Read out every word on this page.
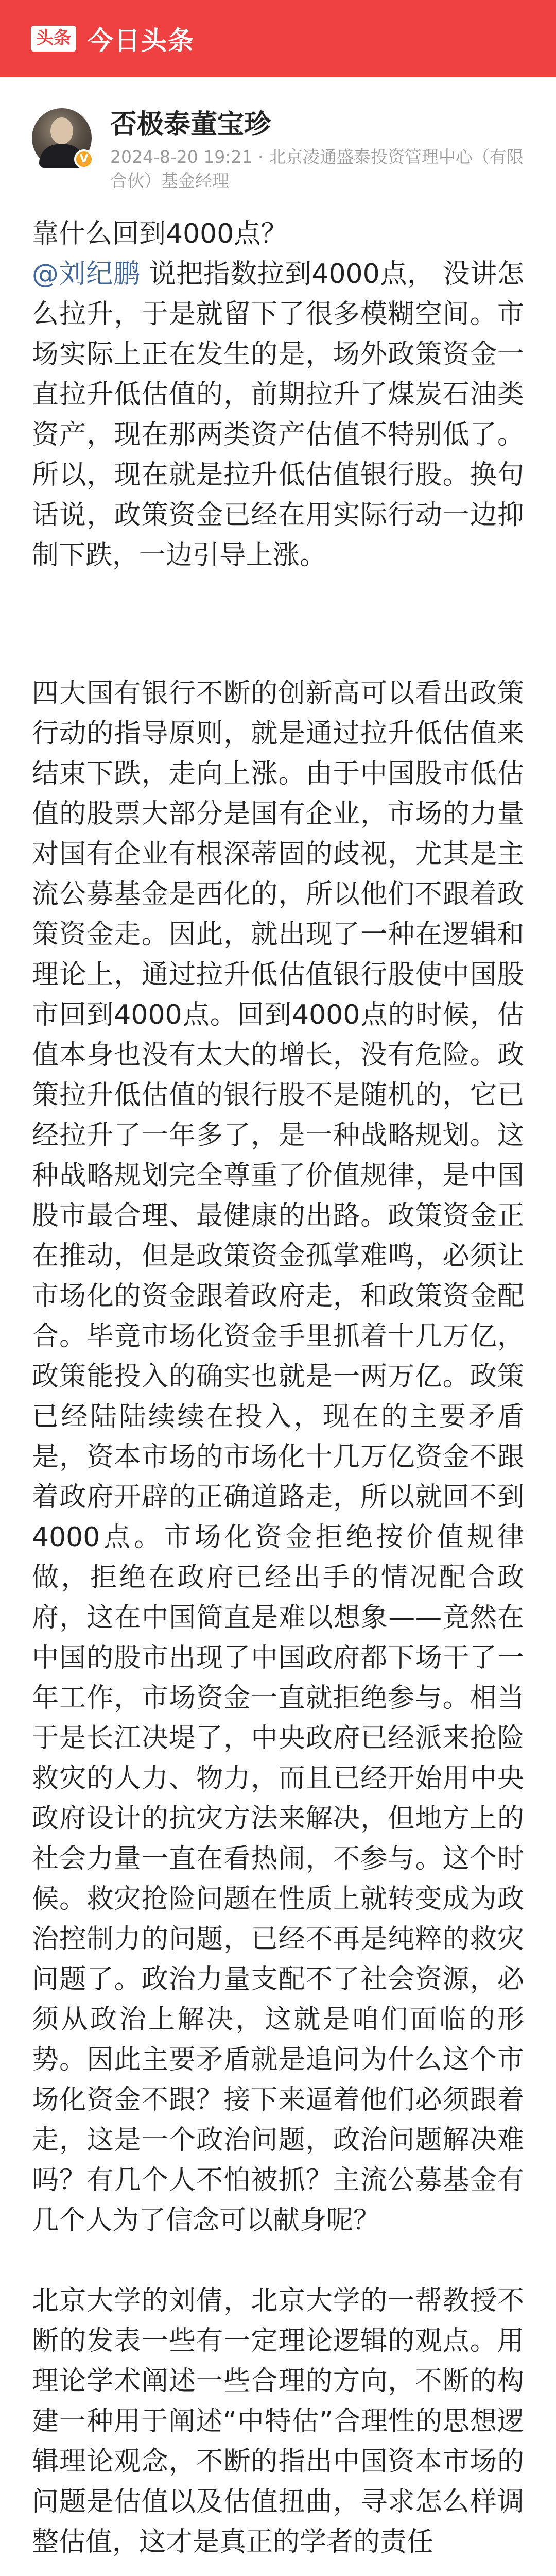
头条 今日头条
V
否极泰董宝珍
2024-8-20 19:21 · 北京凌通盛泰投资管理中心（有限合伙）基金经理

靠什么回到4000点？

@刘纪鹏 说把指数拉到4000点， 没讲怎么拉升，于是就留下了很多模糊空间。市场实际上正在发生的是，场外政策资金一直拉升低估值的，前期拉升了煤炭石油类资产，现在那两类资产估值不特别低了。所以，现在就是拉升低估值银行股。换句话说，政策资金已经在用实际行动一边抑制下跌，一边引导上涨。

四大国有银行不断的创新高可以看出政策行动的指导原则，就是通过拉升低估值来结束下跌，走向上涨。由于中国股市低估值的股票大部分是国有企业，市场的力量对国有企业有根深蒂固的歧视，尤其是主流公募基金是西化的，所以他们不跟着政策资金走。因此，就出现了一种在逻辑和理论上，通过拉升低估值银行股使中国股市回到4000点。回到4000点的时候，估值本身也没有太大的增长，没有危险。政策拉升低估值的银行股不是随机的，它已经拉升了一年多了，是一种战略规划。这种战略规划完全尊重了价值规律，是中国股市最合理、最健康的出路。政策资金正在推动，但是政策资金孤掌难鸣，必须让市场化的资金跟着政府走，和政策资金配合。毕竟市场化资金手里抓着十几万亿，政策能投入的确实也就是一两万亿。政策已经陆陆续续在投入，现在的主要矛盾是，资本市场的市场化十几万亿资金不跟着政府开辟的正确道路走，所以就回不到4000点。市场化资金拒绝按价值规律做，拒绝在政府已经出手的情况配合政府，这在中国简直是难以想象——竟然在中国的股市出现了中国政府都下场干了一年工作，市场资金一直就拒绝参与。相当于是长江决堤了，中央政府已经派来抢险救灾的人力、物力，而且已经开始用中央政府设计的抗灾方法来解决，但地方上的社会力量一直在看热闹，不参与。这个时候。救灾抢险问题在性质上就转变成为政治控制力的问题，已经不再是纯粹的救灾问题了。政治力量支配不了社会资源，必须从政治上解决，这就是咱们面临的形势。因此主要矛盾就是追问为什么这个市场化资金不跟？接下来逼着他们必须跟着走，这是一个政治问题，政治问题解决难吗？有几个人不怕被抓？主流公募基金有几个人为了信念可以献身呢？

北京大学的刘倩，北京大学的一帮教授不断的发表一些有一定理论逻辑的观点。用理论学术阐述一些合理的方向，不断的构建一种用于阐述“中特估”合理性的思想逻辑理论观念，不断的指出中国资本市场的问题是估值以及估值扭曲，寻求怎么样调整估值，这才是真正的学者的责任
